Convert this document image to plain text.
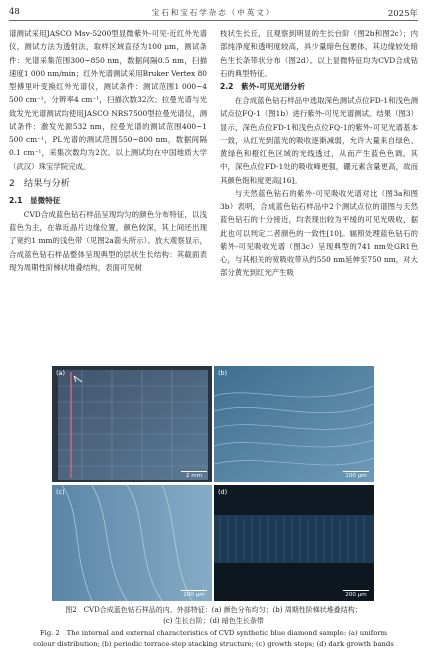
48	宝石和宝石学杂志（中英文）	2025年

谱测试采用JASCO Msv-5200型显微紫外-可见-近红外光谱仪，测试方法为透射法，取样区域直径为100 μm，测试条件：光谱采集范围300~850 nm，数据间隔0.5 nm，扫描速度1 000 nm/min；红外光谱测试采用Bruker Vertex 80型傅里叶变换红外光谱仪，测试条件：测试范围1 000~4 500 cm⁻¹，分辨率4 cm⁻¹，扫描次数32次；拉曼光谱与光致发光光谱测试均使用JASCO NRS7500型拉曼光谱仪，测试条件：激发光源532 nm，拉曼光谱的测试范围400~1 500 cm⁻¹，PL光谱的测试范围550~800 nm，数据间隔0.1 cm⁻¹，采集次数均为2次。以上测试均在中国地质大学（武汉）珠宝学院完成。

2　结果与分析
2.1　显微特征

CVD合成蓝色钻石样品呈现均匀的颜色分布特征，以浅蓝色为主，在靠近晶片边缘位置，颜色较深，其上间还出现了宽约1 mm的浅色带（见图2a箭头所示）。放大观察显示，合成蓝色钻石样品整体呈现典型的层状生长结构：其截面表现为周期性阶梯状堆叠结构，表面可见树

枝状生长丘，且观察到明显的生长台阶（图2b和图2c）；内部纯净度和透明度较高，具少量暗色包裹体，其边缘较处暗色生长条带状分布（图2d）。以上显微特征均为CVD合成钻石的典型特征。

2.2　紫外-可见光谱分析

在合成蓝色钻石样品中选取深色测试点位FD-1和浅色测试点位FQ-1（图1b）进行紫外-可见光谱测试。结果（图3）显示，深色点位FD-1和浅色点位FQ-1的紫外-可见光谱基本一致，从红光到蓝光的吸收逐渐减弱，允许大量来自绿色、黄绿色和橙红色区域的光线透过，从而产生蓝色色调。其中，深色点位FD-1处的吸收峰更强，硼元素含量更高，故而其颜色饱和度更高[16]。

与天然蓝色钻石的紫外-可见吸收光谱对比（图3a和图3b）表明，合成蓝色钻石样品中2个测试点位的谱图与天然蓝色钻石的十分接近，均表现出较为平缓的可见光吸收，据此也可以判定二者颜色的一致性[10]。辐照处理蓝色钻石的紫外-可见吸收光谱（图3c）呈现典型的741 nm处GR1色心，与其相关的宽吸收带从约550 nm延伸至750 nm，对大部分黄光到红光产生吸

(a)
2 mm
(b)
100 μm
(c)
200 μm
(d)
200 μm
图2　CVD合成蓝色钻石样品的内、外部特征：(a) 颜色分布均匀；(b) 周期性阶梯状堆叠结构；
(c) 生长台阶；(d) 暗色生长条带
Fig. 2　The internal and external characteristics of CVD synthetic blue diamond sample: (a) uniform
colour distribution; (b) periodic terrace-step stacking structure; (c) growth steps; (d) dark growth bands
